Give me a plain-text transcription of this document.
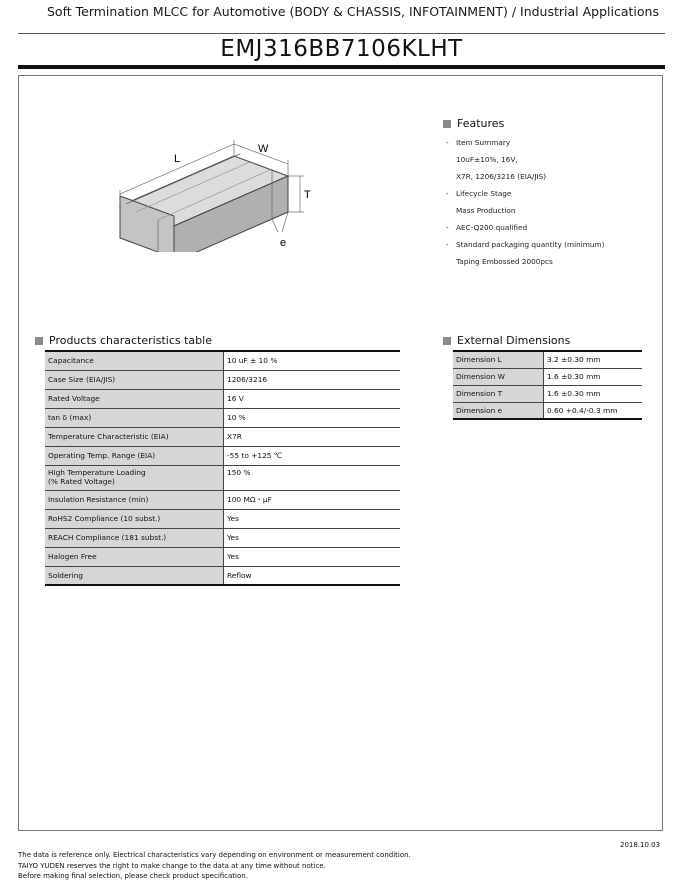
Soft Termination MLCC for Automotive (BODY & CHASSIS, INFOTAINMENT) / Industrial Applications
EMJ316BB7106KLHT
L
W
T
e
Features
- Item Summary
10uF±10%, 16V,
X7R, 1206/3216 (EIA/JIS)
- Lifecycle Stage
Mass Production
- AEC-Q200 qualified
- Standard packaging quantity (minimum)
Taping Embossed 2000pcs
Products characteristics table
Capacitance	10 uF ± 10 %

Case Size (EIA/JIS)	1206/3216

Rated Voltage	16 V

tan δ (max)	10 %

Temperature Characteristic (EIA)	X7R

Operating Temp. Range (EIA)	-55 to +125 ℃

High Temperature Loading
(% Rated Voltage)	150 %

Insulation Resistance (min)	100 MΩ・μF

RoHS2 Compliance (10 subst.)	Yes

REACH Compliance (181 subst.)	Yes

Halogen Free	Yes

Soldering	Reflow
External Dimensions
Dimension L	3.2 ±0.30 mm
Dimension W	1.6 ±0.30 mm
Dimension T	1.6 ±0.30 mm
Dimension e	0.60 +0.4/-0.3 mm
2018.10.03
The data is reference only. Electrical characteristics vary depending on environment or measurement condition.
TAIYO YUDEN reserves the right to make change to the data at any time without notice.
Before making final selection, please check product specification.
